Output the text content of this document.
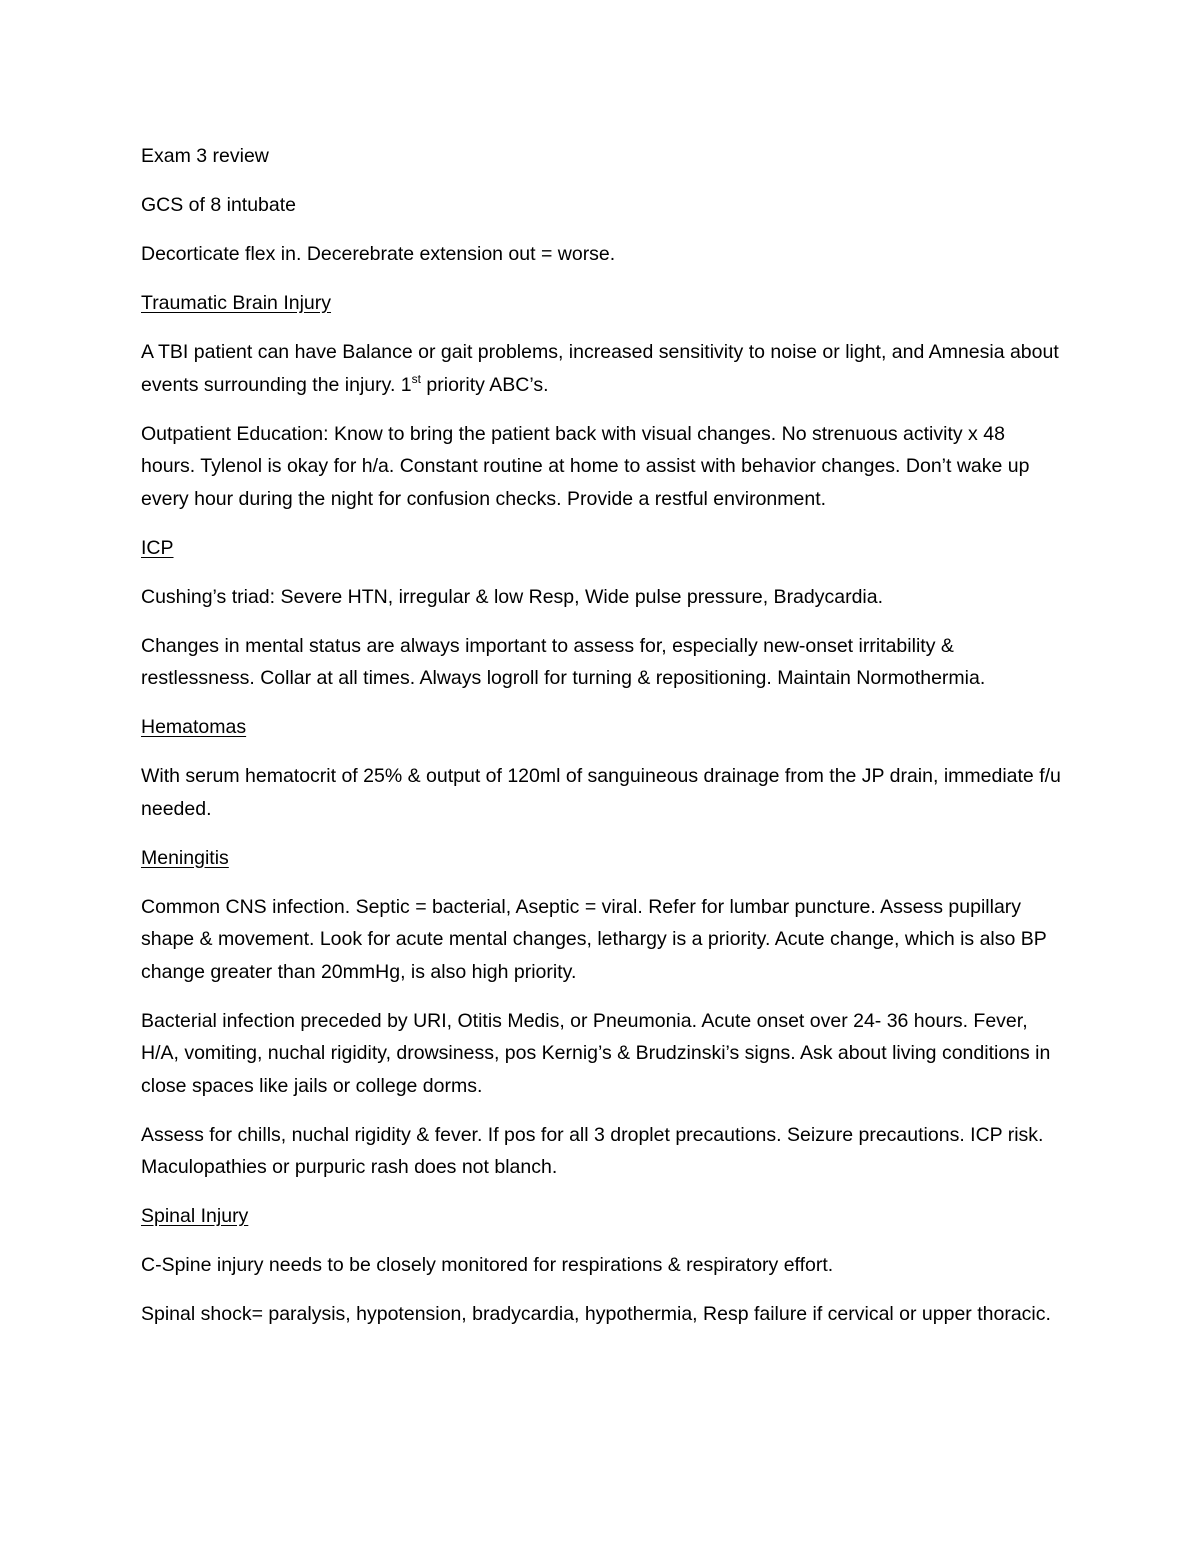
Exam 3 review

GCS of 8 intubate

Decorticate flex in. Decerebrate extension out = worse.

Traumatic Brain Injury

A TBI patient can have Balance or gait problems, increased sensitivity to noise or light, and Amnesia about events surrounding the injury. 1st priority ABC’s.

Outpatient Education: Know to bring the patient back with visual changes. No strenuous activity x 48 hours. Tylenol is okay for h/a. Constant routine at home to assist with behavior changes. Don’t wake up every hour during the night for confusion checks. Provide a restful environment.

ICP

Cushing’s triad: Severe HTN, irregular & low Resp, Wide pulse pressure, Bradycardia.

Changes in mental status are always important to assess for, especially new-onset irritability & restlessness. Collar at all times. Always logroll for turning & repositioning. Maintain Normothermia.

Hematomas

With serum hematocrit of 25% & output of 120ml of sanguineous drainage from the JP drain, immediate f/u needed.

Meningitis

Common CNS infection. Septic = bacterial, Aseptic = viral. Refer for lumbar puncture. Assess pupillary shape & movement. Look for acute mental changes, lethargy is a priority. Acute change, which is also BP change greater than 20mmHg, is also high priority.

Bacterial infection preceded by URI, Otitis Medis, or Pneumonia. Acute onset over 24- 36 hours. Fever, H/A, vomiting, nuchal rigidity, drowsiness, pos Kernig’s & Brudzinski’s signs. Ask about living conditions in close spaces like jails or college dorms.

Assess for chills, nuchal rigidity & fever. If pos for all 3 droplet precautions. Seizure precautions. ICP risk. Maculopathies or purpuric rash does not blanch.

Spinal Injury

C-Spine injury needs to be closely monitored for respirations & respiratory effort.

Spinal shock= paralysis, hypotension, bradycardia, hypothermia, Resp failure if cervical or upper thoracic.
